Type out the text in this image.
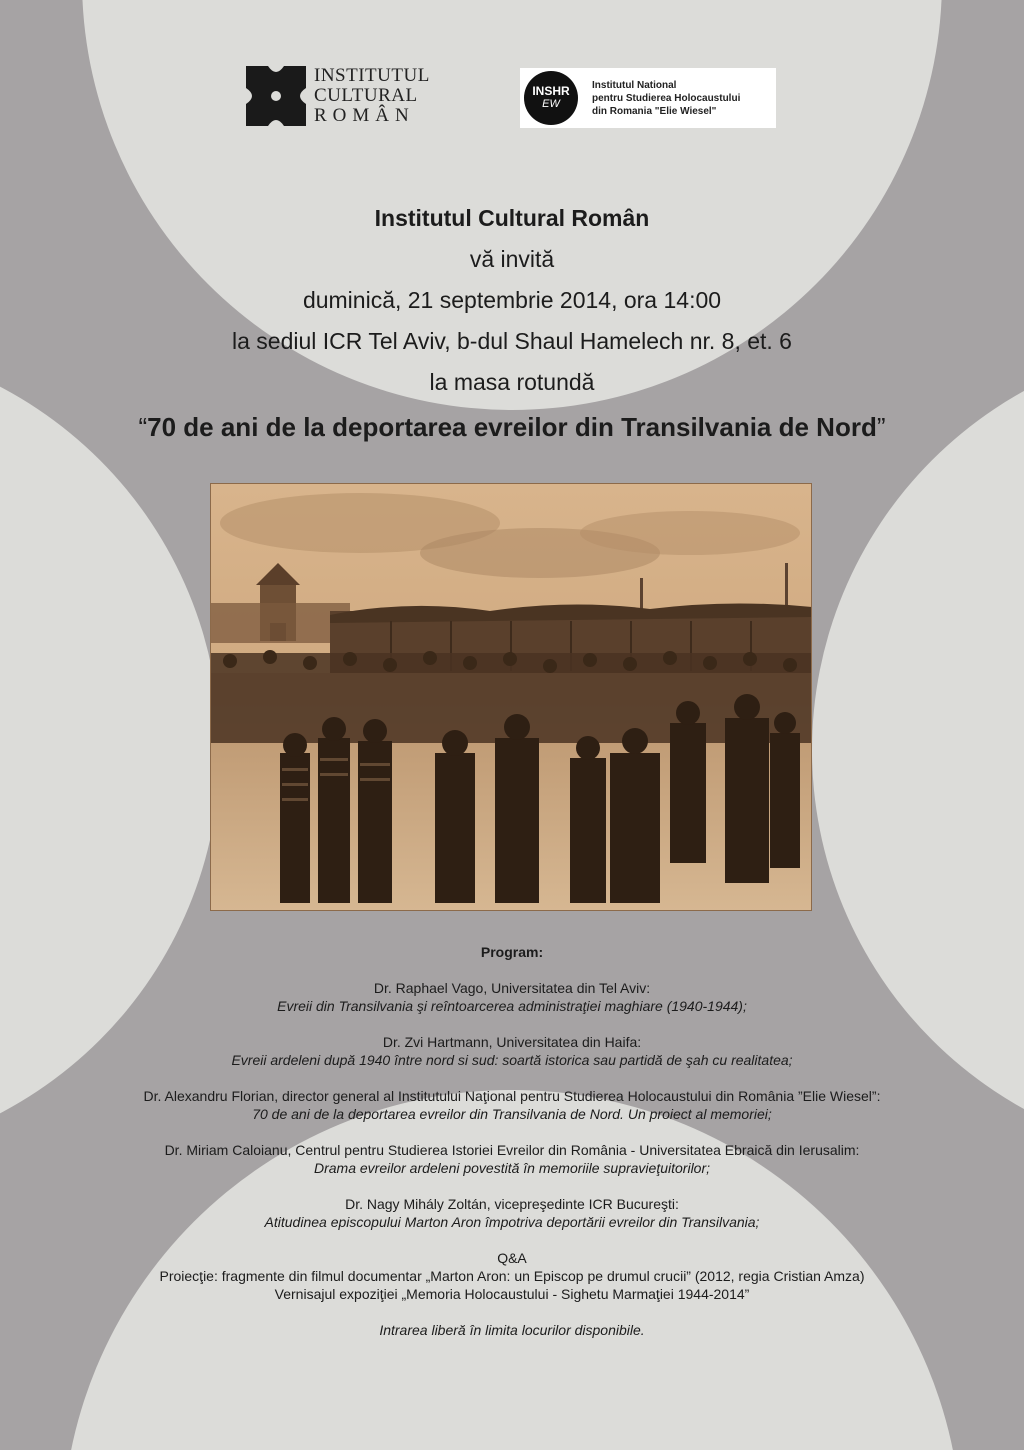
INSTITUTUL
CULTURAL
ROMÂN
INSHR
EW
Institutul National
pentru Studierea Holocaustului
din Romania "Elie Wiesel"
Institutul Cultural Român
vă invită
duminică, 21 septembrie 2014, ora 14:00
la sediul ICR Tel Aviv, b-dul Shaul Hamelech nr. 8, et. 6
la masa rotundă
“70 de ani de la deportarea evreilor din Transilvania de Nord”
Program:
Dr. Raphael Vago, Universitatea din Tel Aviv:
Evreii din Transilvania şi reîntoarcerea administraţiei maghiare (1940-1944);
Dr. Zvi Hartmann, Universitatea din Haifa:
Evreii ardeleni după 1940 între nord si sud: soartă istorica sau partidă de şah cu realitatea;
Dr. Alexandru Florian, director general al Institutului Naţional pentru Studierea Holocaustului din România ”Elie Wiesel”:
70 de ani de la deportarea evreilor din Transilvania de Nord. Un proiect al memoriei;
Dr. Miriam Caloianu, Centrul pentru Studierea Istoriei Evreilor din România - Universitatea Ebraică din Ierusalim:
Drama evreilor ardeleni povestită în memoriile supravieţuitorilor;
Dr. Nagy Mihály Zoltán, vicepreşedinte ICR Bucureşti:
Atitudinea episcopului Marton Aron împotriva deportării evreilor din Transilvania;
Q&A
Proiecţie: fragmente din filmul documentar „Marton Aron: un Episcop pe drumul crucii” (2012, regia Cristian Amza)
Vernisajul expoziţiei „Memoria Holocaustului - Sighetu Marmaţiei 1944-2014”
Intrarea liberă în limita locurilor disponibile.
